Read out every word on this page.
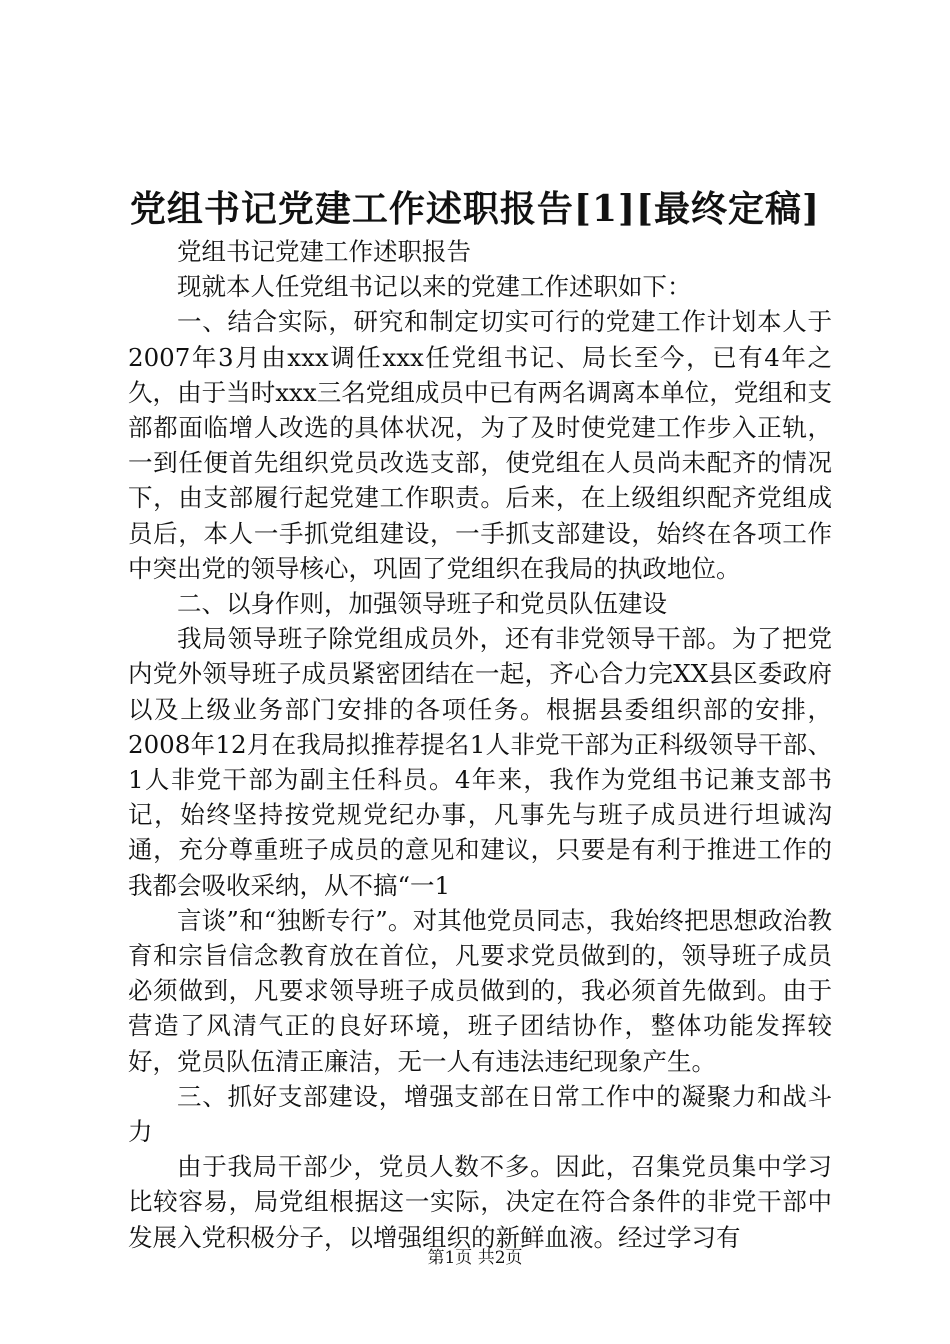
党组书记党建工作述职报告[1][最终定稿]

党组书记党建工作述职报告

现就本人任党组书记以来的党建工作述职如下：

一、结合实际，研究和制定切实可行的党建工作计划本人于2007年3月由xxx调任xxx任党组书记、局长至今，已有4年之久，由于当时xxx三名党组成员中已有两名调离本单位，党组和支部都面临增人改选的具体状况，为了及时使党建工作步入正轨，一到任便首先组织党员改选支部，使党组在人员尚未配齐的情况下，由支部履行起党建工作职责。后来，在上级组织配齐党组成员后，本人一手抓党组建设，一手抓支部建设，始终在各项工作中突出党的领导核心，巩固了党组织在我局的执政地位。

二、以身作则，加强领导班子和党员队伍建设

我局领导班子除党组成员外，还有非党领导干部。为了把党内党外领导班子成员紧密团结在一起，齐心合力完XX县区委政府以及上级业务部门安排的各项任务。根据县委组织部的安排，2008年12月在我局拟推荐提名1人非党干部为正科级领导干部、1人非党干部为副主任科员。4年来，我作为党组书记兼支部书记，始终坚持按党规党纪办事，凡事先与班子成员进行坦诚沟通，充分尊重班子成员的意见和建议，只要是有利于推进工作的我都会吸收采纳，从不搞“一1

言谈”和“独断专行”。对其他党员同志，我始终把思想政治教育和宗旨信念教育放在首位，凡要求党员做到的，领导班子成员必须做到，凡要求领导班子成员做到的，我必须首先做到。由于营造了风清气正的良好环境，班子团结协作，整体功能发挥较好，党员队伍清正廉洁，无一人有违法违纪现象产生。

三、抓好支部建设，增强支部在日常工作中的凝聚力和战斗力

由于我局干部少，党员人数不多。因此，召集党员集中学习比较容易，局党组根据这一实际，决定在符合条件的非党干部中发展入党积极分子，以增强组织的新鲜血液。经过学习有

第1页 共2页
